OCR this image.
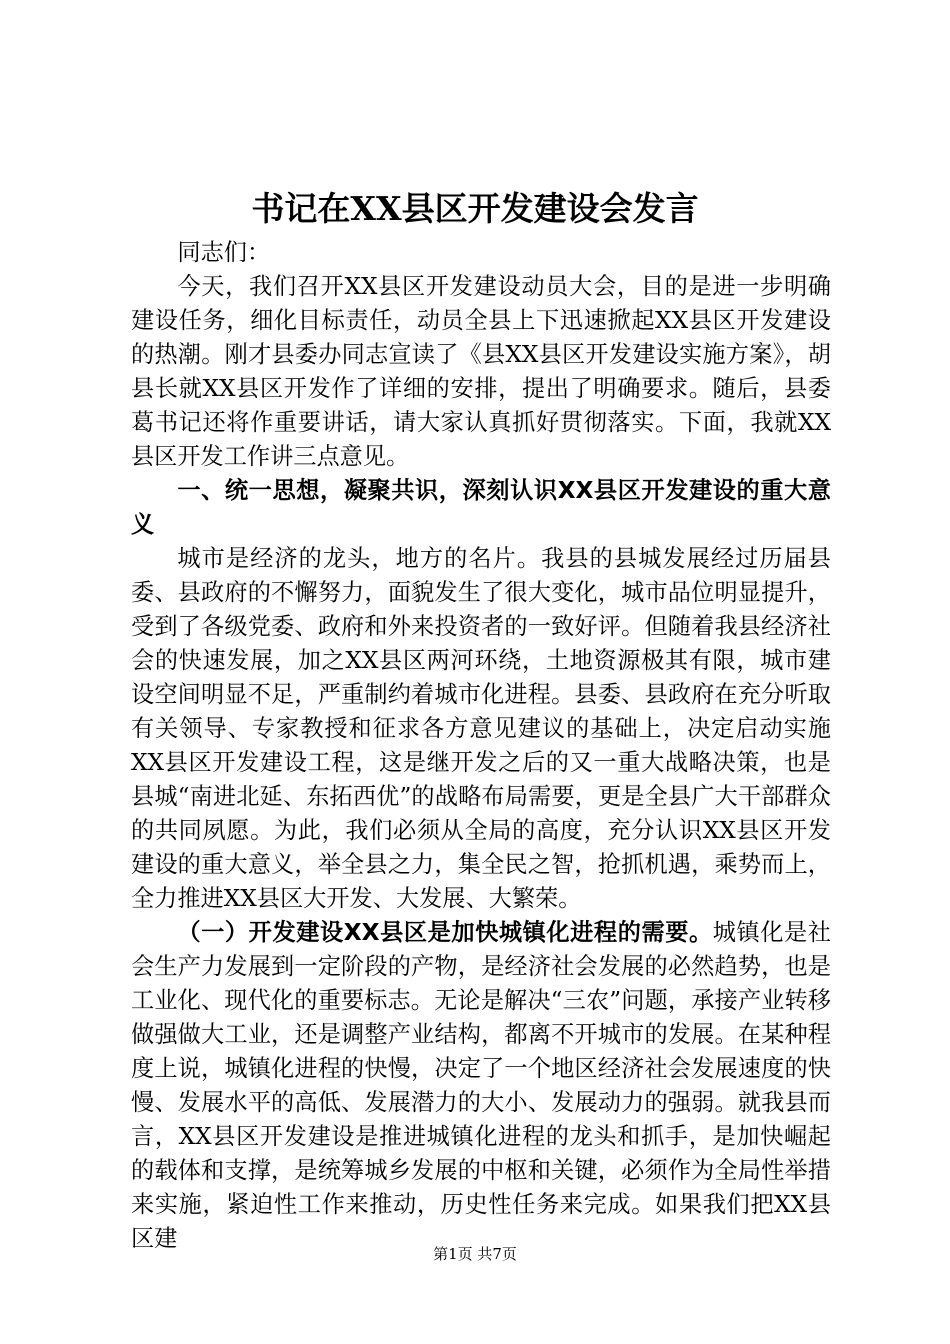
书记在XX县区开发建设会发言

同志们：

今天，我们召开XX县区开发建设动员大会，目的是进一步明确建设任务，细化目标责任，动员全县上下迅速掀起XX县区开发建设的热潮。刚才县委办同志宣读了《县XX县区开发建设实施方案》，胡县长就XX县区开发作了详细的安排，提出了明确要求。随后，县委葛书记还将作重要讲话，请大家认真抓好贯彻落实。下面，我就XX县区开发工作讲三点意见。

一、统一思想，凝聚共识，深刻认识XX县区开发建设的重大意义

城市是经济的龙头，地方的名片。我县的县城发展经过历届县委、县政府的不懈努力，面貌发生了很大变化，城市品位明显提升，受到了各级党委、政府和外来投资者的一致好评。但随着我县经济社会的快速发展，加之XX县区两河环绕，土地资源极其有限，城市建设空间明显不足，严重制约着城市化进程。县委、县政府在充分听取有关领导、专家教授和征求各方意见建议的基础上，决定启动实施XX县区开发建设工程，这是继开发之后的又一重大战略决策，也是县城“南进北延、东拓西优”的战略布局需要，更是全县广大干部群众的共同夙愿。为此，我们必须从全局的高度，充分认识XX县区开发建设的重大意义，举全县之力，集全民之智，抢抓机遇，乘势而上，全力推进XX县区大开发、大发展、大繁荣。

（一）开发建设XX县区是加快城镇化进程的需要。城镇化是社会生产力发展到一定阶段的产物，是经济社会发展的必然趋势，也是工业化、现代化的重要标志。无论是解决“三农”问题，承接产业转移做强做大工业，还是调整产业结构，都离不开城市的发展。在某种程度上说，城镇化进程的快慢，决定了一个地区经济社会发展速度的快慢、发展水平的高低、发展潜力的大小、发展动力的强弱。就我县而言，XX县区开发建设是推进城镇化进程的龙头和抓手，是加快崛起的载体和支撑，是统筹城乡发展的中枢和关键，必须作为全局性举措来实施，紧迫性工作来推动，历史性任务来完成。如果我们把XX县区建

第1页 共7页
